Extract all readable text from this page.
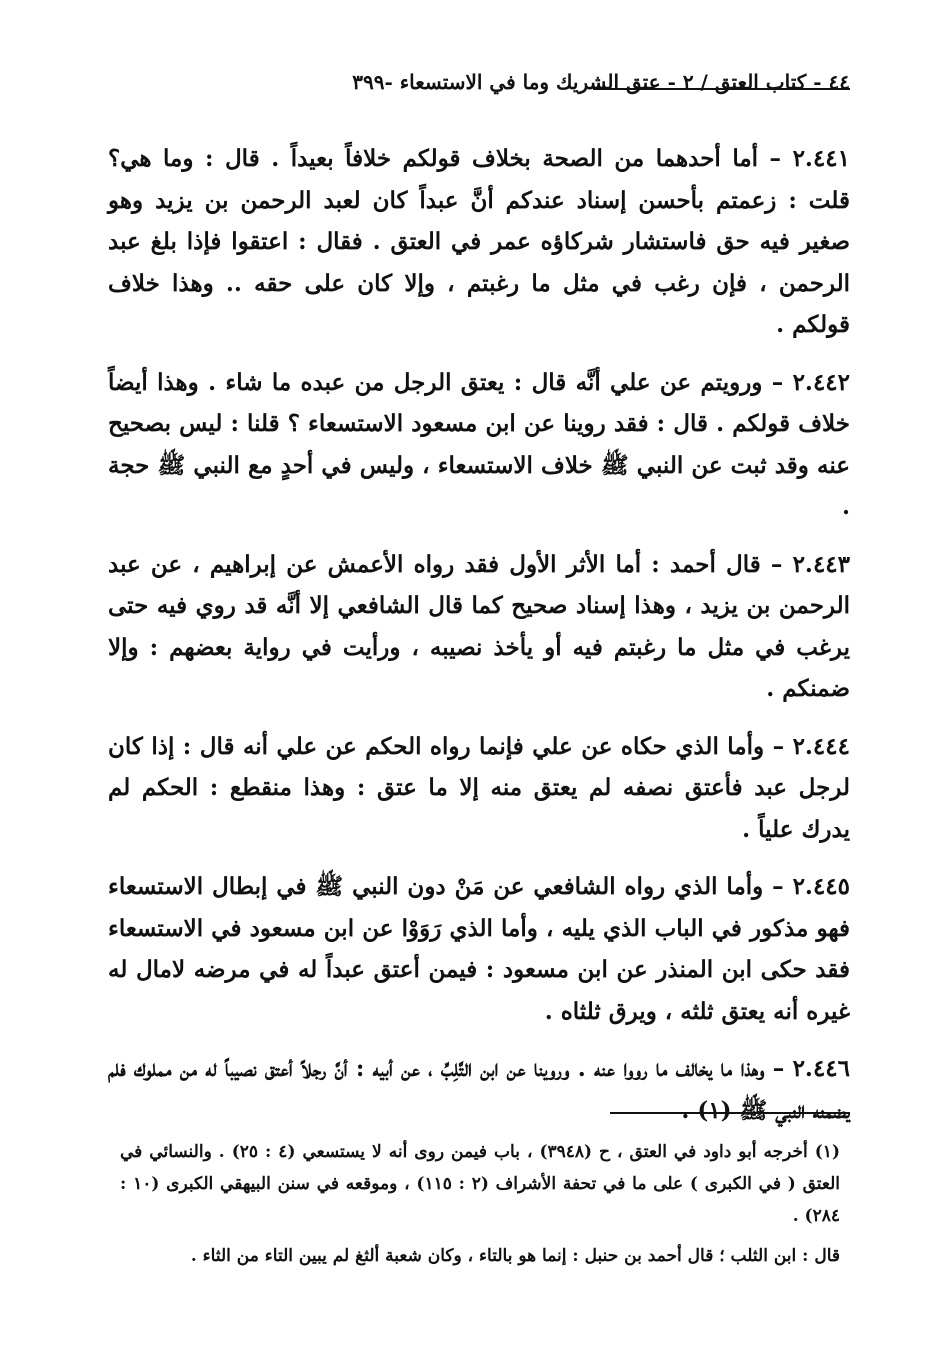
٤٤ - كتاب العتق / ٢ - عتق الشريك وما في الاستسعاء -٣٩٩

٢.٤٤١ – أما أحدهما من الصحة بخلاف قولكم خلافاً بعيداً . قال : وما هي؟ قلت : زعمتم بأحسن إسناد عندكم أنَّ عبداً كان لعبد الرحمن بن يزيد وهو صغير فيه حق فاستشار شركاؤه عمر في العتق . فقال : اعتقوا فإذا بلغ عبد الرحمن ، فإن رغب في مثل ما رغبتم ، وإلا كان على حقه .. وهذا خلاف قولكم .

٢.٤٤٢ – ورويتم عن علي أنَّه قال : يعتق الرجل من عبده ما شاء . وهذا أيضاً خلاف قولكم . قال : فقد روينا عن ابن مسعود الاستسعاء ؟ قلنا : ليس بصحيح عنه وقد ثبت عن النبي ﷺ خلاف الاستسعاء ، وليس في أحدٍ مع النبي ﷺ حجة .

٢.٤٤٣ – قال أحمد : أما الأثر الأول فقد رواه الأعمش عن إبراهيم ، عن عبد الرحمن بن يزيد ، وهذا إسناد صحيح كما قال الشافعي إلا أنَّه قد روي فيه حتى يرغب في مثل ما رغبتم فيه أو يأخذ نصيبه ، ورأيت في رواية بعضهم : وإلا ضمنكم .

٢.٤٤٤ – وأما الذي حكاه عن علي فإنما رواه الحكم عن علي أنه قال : إذا كان لرجل عبد فأعتق نصفه لم يعتق منه إلا ما عتق : وهذا منقطع : الحكم لم يدرك علياً .

٢.٤٤٥ – وأما الذي رواه الشافعي عن مَنْ دون النبي ﷺ في إبطال الاستسعاء فهو مذكور في الباب الذي يليه ، وأما الذي رَوَوْا عن ابن مسعود في الاستسعاء فقد حكى ابن المنذر عن ابن مسعود : فيمن أعتق عبداً له في مرضه لامال له غيره أنه يعتق ثلثه ، ويرق ثلثاه .

٢.٤٤٦ – وهذا ما يخالف ما رووا عنه . وروينا عن ابن التَّلِبِّ ، عن أبيه : أنَّ رجلاً أعتق نصيباً له من مملوك فلم يضمنه النبي ﷺ (١) .

(١) أخرجه أبو داود في العتق ، ح (٣٩٤٨) ، باب فيمن روى أنه لا يستسعي (٤ : ٢٥) . والنسائي في العتق ( في الكبرى ) على ما في تحفة الأشراف (٢ : ١١٥) ، وموقعه في سنن البيهقي الكبرى (١٠ : ٢٨٤) .

قال : ابن الثلب ؛ قال أحمد بن حنبل : إنما هو بالتاء ، وكان شعبة ألثغ لم يبين التاء من الثاء .
